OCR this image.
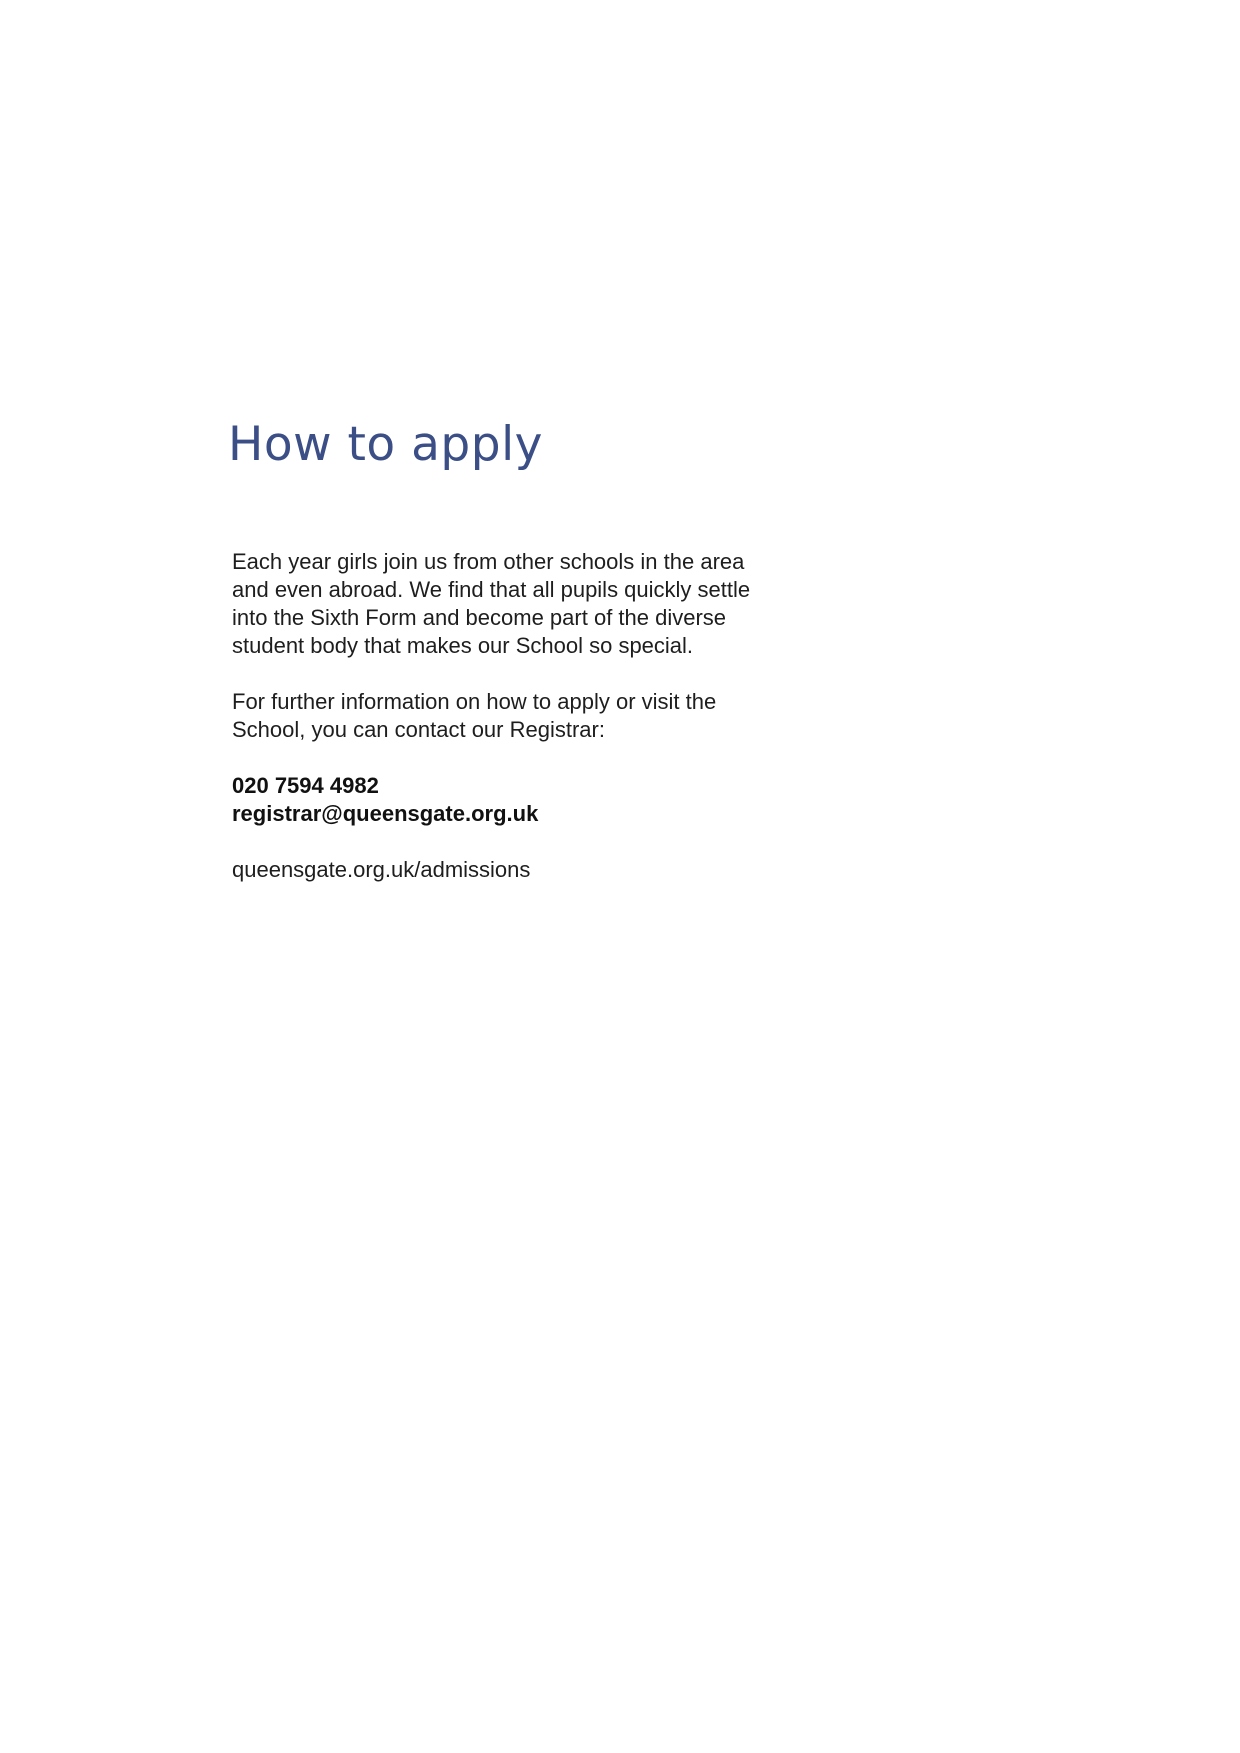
How to apply

Each year girls join us from other schools in the area
and even abroad. We find that all pupils quickly settle
into the Sixth Form and become part of the diverse
student body that makes our School so special.

For further information on how to apply or visit the
School, you can contact our Registrar:

020 7594 4982
registrar@queensgate.org.uk

queensgate.org.uk/admissions
